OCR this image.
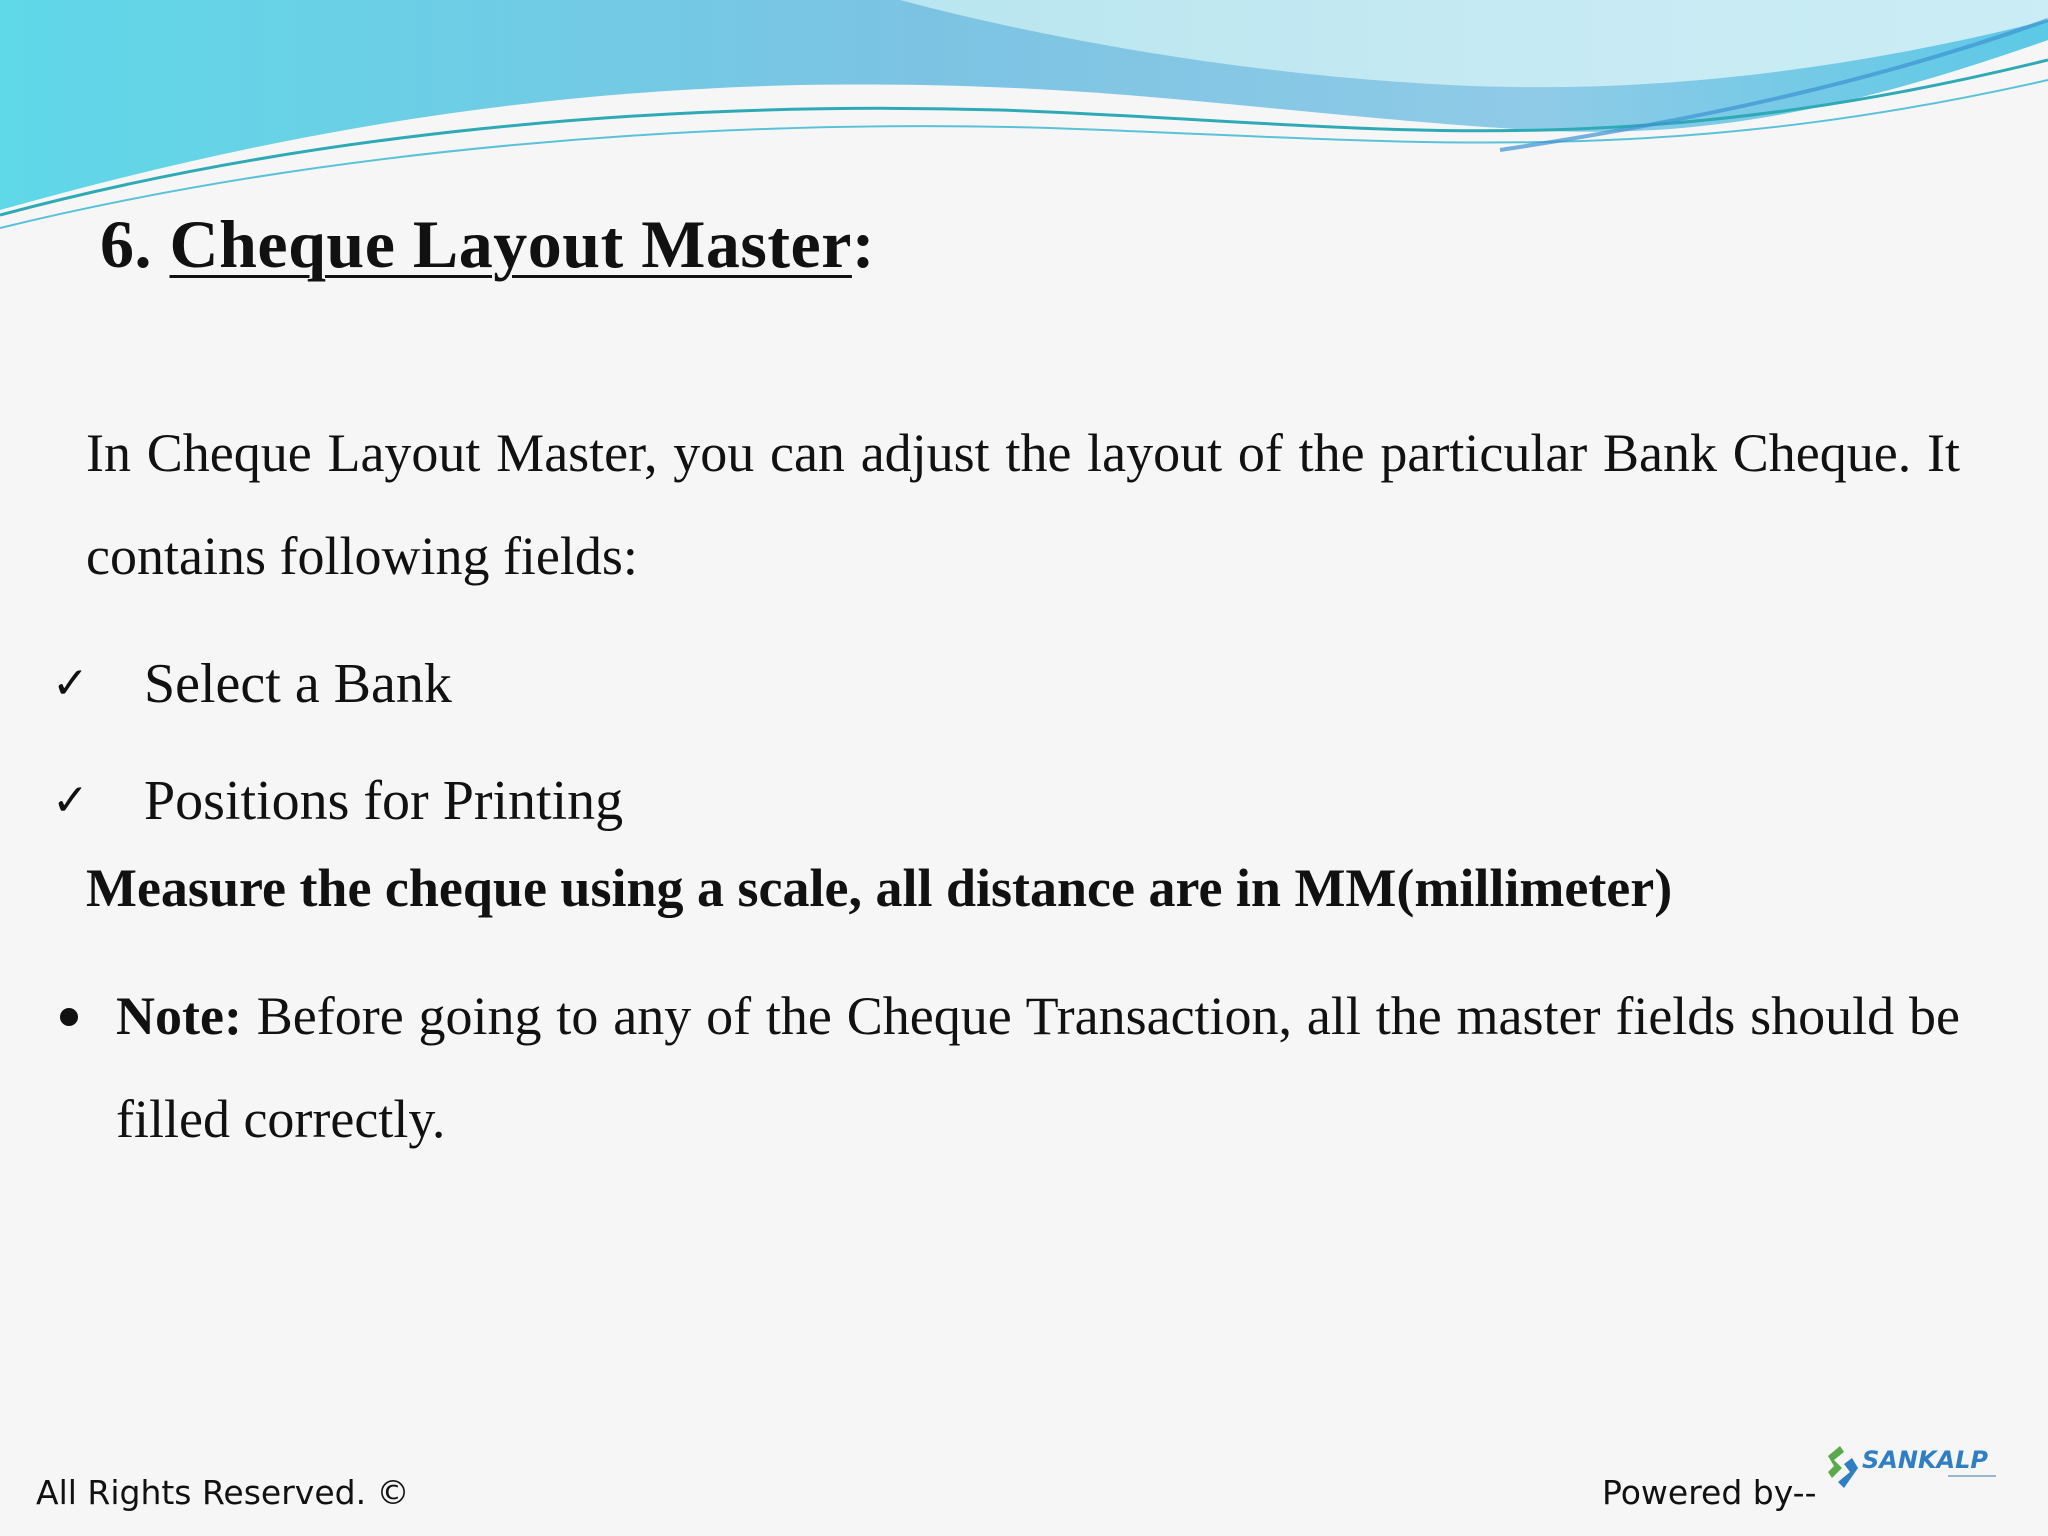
6. Cheque Layout Master:

In Cheque Layout Master, you can adjust the layout of the particular Bank Cheque. It contains following fields:

✓ Select a Bank
✓ Positions for Printing

Measure the cheque using a scale, all distance are in MM(millimeter)

Note: Before going to any of the Cheque Transaction, all the master fields should be filled correctly.

All Rights Reserved. ©	Powered by--
SANKALP
